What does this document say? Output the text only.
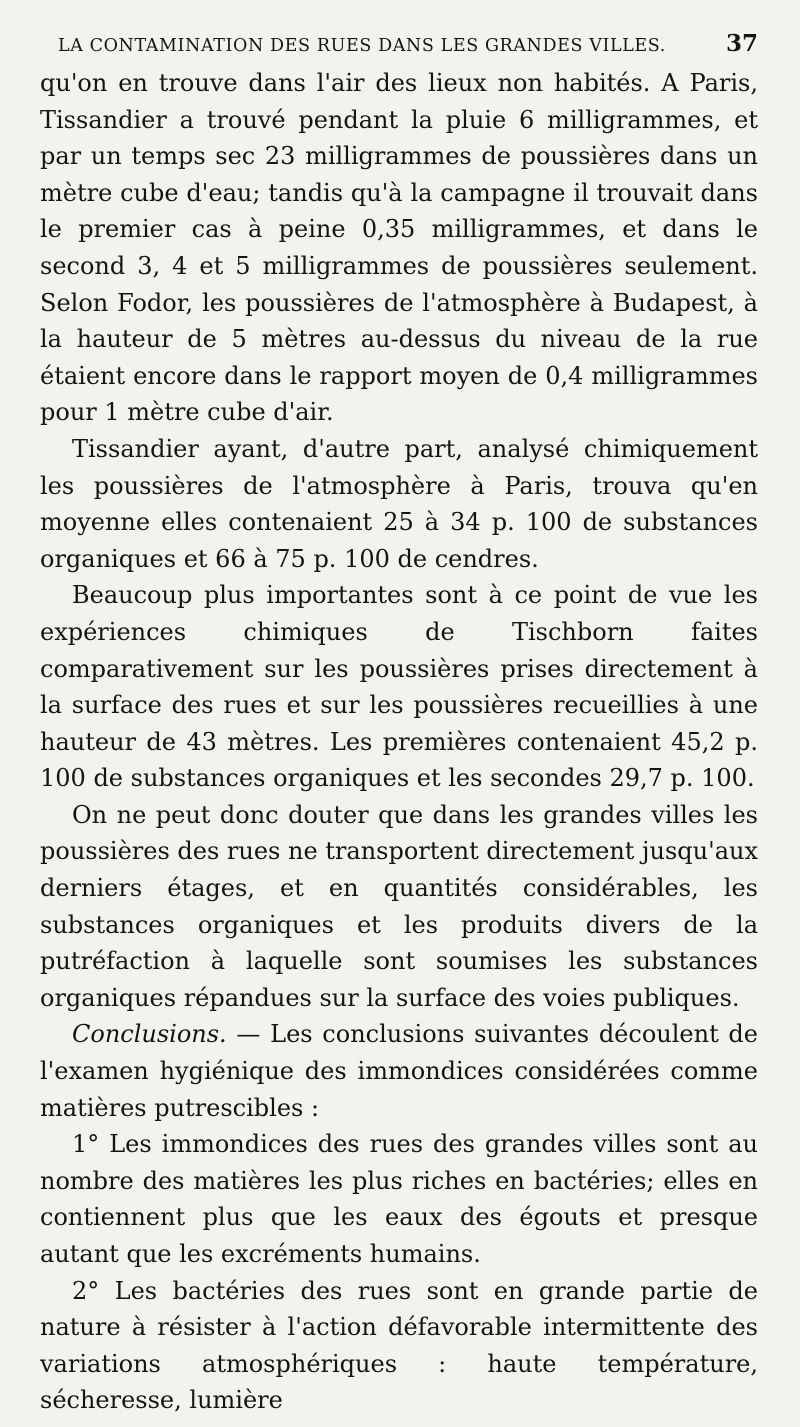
LA CONTAMINATION DES RUES DANS LES GRANDES VILLES.	37

qu'on en trouve dans l'air des lieux non habités. A Paris, Tissandier a trouvé pendant la pluie 6 milligrammes, et par un temps sec 23 milligrammes de poussières dans un mètre cube d'eau; tandis qu'à la campagne il trouvait dans le premier cas à peine 0,35 milligrammes, et dans le second 3, 4 et 5 milligrammes de poussières seulement. Selon Fodor, les poussières de l'atmosphère à Budapest, à la hauteur de 5 mètres au-dessus du niveau de la rue étaient encore dans le rapport moyen de 0,4 milligrammes pour 1 mètre cube d'air.

Tissandier ayant, d'autre part, analysé chimiquement les poussières de l'atmosphère à Paris, trouva qu'en moyenne elles contenaient 25 à 34 p. 100 de substances organiques et 66 à 75 p. 100 de cendres.

Beaucoup plus importantes sont à ce point de vue les expériences chimiques de Tischborn faites comparativement sur les poussières prises directement à la surface des rues et sur les poussières recueillies à une hauteur de 43 mètres. Les premières contenaient 45,2 p. 100 de substances organiques et les secondes 29,7 p. 100.

On ne peut donc douter que dans les grandes villes les poussières des rues ne transportent directement jusqu'aux derniers étages, et en quantités considérables, les substances organiques et les produits divers de la putréfaction à laquelle sont soumises les substances organiques répandues sur la surface des voies publiques.

Conclusions. — Les conclusions suivantes découlent de l'examen hygiénique des immondices considérées comme matières putrescibles :

1° Les immondices des rues des grandes villes sont au nombre des matières les plus riches en bactéries; elles en contiennent plus que les eaux des égouts et presque autant que les excréments humains.

2° Les bactéries des rues sont en grande partie de nature à résister à l'action défavorable intermittente des variations atmosphériques : haute température, sécheresse, lumière
